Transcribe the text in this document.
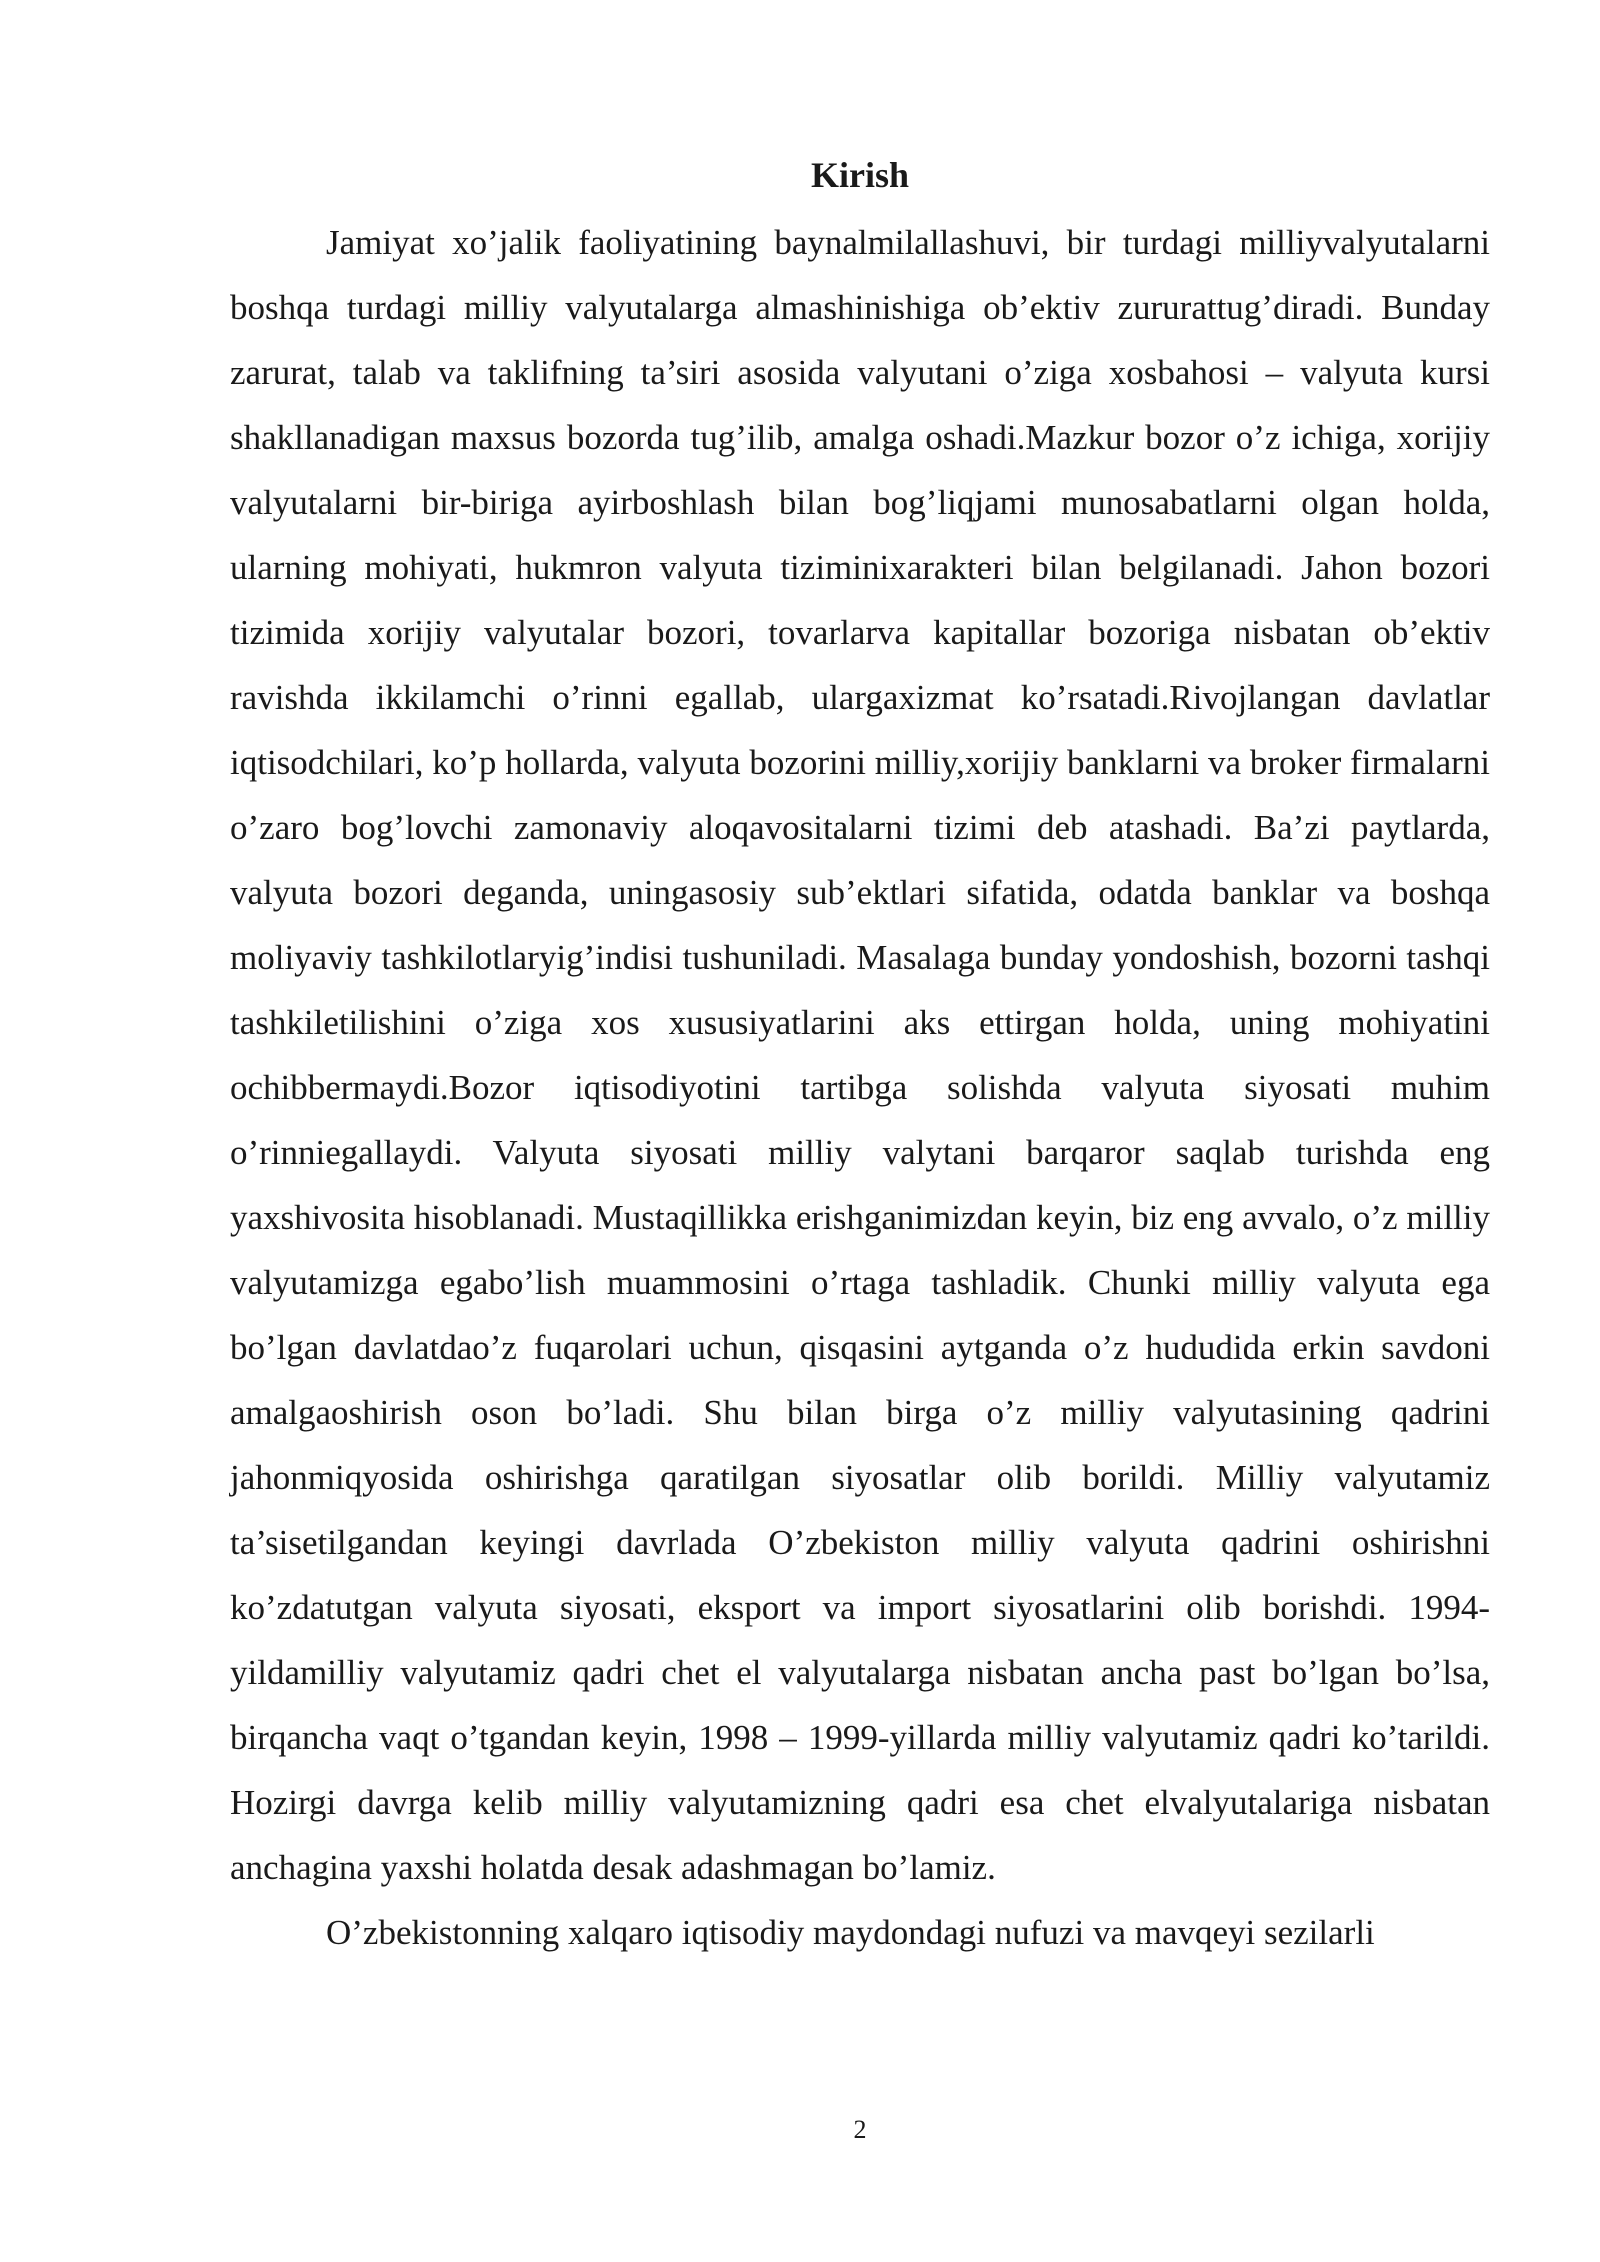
Kirish

Jamiyat xo’jalik faoliyatining baynalmilallashuvi, bir turdagi milliyvalyutalarni boshqa turdagi milliy valyutalarga almashinishiga ob’ektiv zururattug’diradi. Bunday zarurat, talab va taklifning ta’siri asosida valyutani o’ziga xosbahosi – valyuta kursi shakllanadigan maxsus bozorda tug’ilib, amalga oshadi.Mazkur bozor o’z ichiga, xorijiy valyutalarni bir-biriga ayirboshlash bilan bog’liqjami munosabatlarni olgan holda, ularning mohiyati, hukmron valyuta tiziminixarakteri bilan belgilanadi. Jahon bozori tizimida xorijiy valyutalar bozori, tovarlarva kapitallar bozoriga nisbatan ob’ektiv ravishda ikkilamchi o’rinni egallab, ulargaxizmat ko’rsatadi.Rivojlangan davlatlar iqtisodchilari, ko’p hollarda, valyuta bozorini milliy,xorijiy banklarni va broker firmalarni o’zaro bog’lovchi zamonaviy aloqavositalarni tizimi deb atashadi. Ba’zi paytlarda, valyuta bozori deganda, uningasosiy sub’ektlari sifatida, odatda banklar va boshqa moliyaviy tashkilotlaryig’indisi tushuniladi. Masalaga bunday yondoshish, bozorni tashqi tashkiletilishini o’ziga xos xususiyatlarini aks ettirgan holda, uning mohiyatini ochibbermaydi.Bozor iqtisodiyotini tartibga solishda valyuta siyosati muhim o’rinniegallaydi. Valyuta siyosati milliy valytani barqaror saqlab turishda eng yaxshivosita hisoblanadi. Mustaqillikka erishganimizdan keyin, biz eng avvalo, o’z milliy valyutamizga egabo’lish muammosini o’rtaga tashladik. Chunki milliy valyuta ega bo’lgan davlatdao’z fuqarolari uchun, qisqasini aytganda o’z hududida erkin savdoni amalgaoshirish oson bo’ladi. Shu bilan birga o’z milliy valyutasining qadrini jahonmiqyosida oshirishga qaratilgan siyosatlar olib borildi. Milliy valyutamiz ta’sisetilgandan keyingi davrlada O’zbekiston milliy valyuta qadrini oshirishni ko’zdatutgan valyuta siyosati, eksport va import siyosatlarini olib borishdi. 1994-yildamilliy valyutamiz qadri chet el valyutalarga nisbatan ancha past bo’lgan bo’lsa, birqancha vaqt o’tgandan keyin, 1998 – 1999-yillarda milliy valyutamiz qadri ko’tarildi. Hozirgi davrga kelib milliy valyutamizning qadri esa chet elvalyutalariga nisbatan anchagina yaxshi holatda desak adashmagan bo’lamiz.

O’zbekistonning xalqaro iqtisodiy maydondagi nufuzi va mavqeyi sezilarli

2
